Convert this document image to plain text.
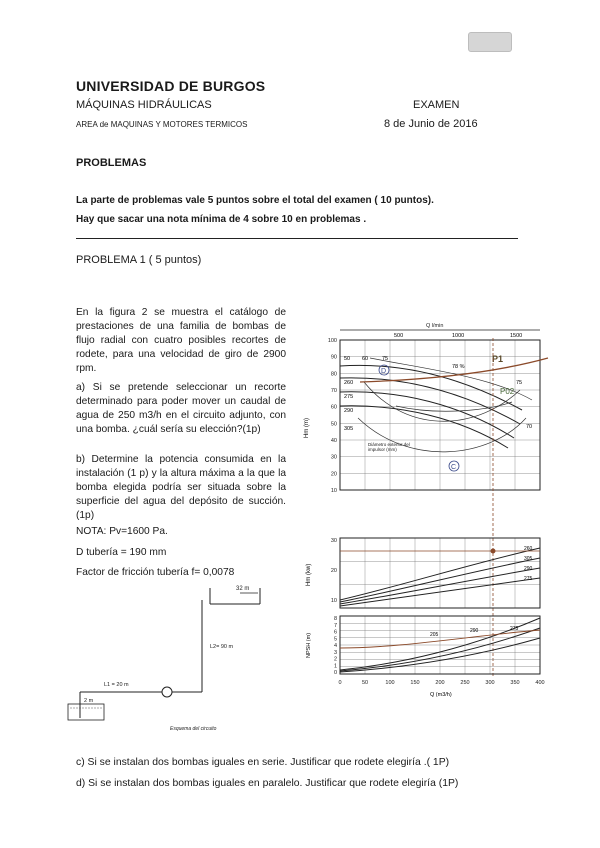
UNIVERSIDAD DE BURGOS
MÁQUINAS HIDRÁULICAS	EXAMEN
AREA de MAQUINAS Y MOTORES TERMICOS	8 de Junio de 2016
PROBLEMAS
La parte de problemas vale 5 puntos sobre el total del examen ( 10 puntos).
Hay que sacar una nota mínima de 4 sobre 10 en problemas .
PROBLEMA 1 ( 5 puntos)
En la figura 2 se muestra el catálogo de prestaciones de una familia de bombas de flujo radial con cuatro posibles recortes de rodete, para una velocidad de giro de 2900 rpm.
a) Si se pretende seleccionar un recorte determinado para poder mover un caudal de agua de 250 m3/h en el circuito adjunto, con una bomba. ¿cuál sería su elección?(1p)
b) Determine la potencia consumida en la instalación (1 p) y la altura máxima a la que la bomba elegida podría ser situada sobre la superficie del agua del depósito de succión. (1p)
NOTA: Pv=1600 Pa.
D tubería = 190 mm
Factor de fricción tubería f= 0,0078
32 m
L2= 90 m
L1 = 20 m
2 m
Esquema del circuito
Q l/min
500	1000	1500
100
90
80
70
60
50
40
30
20
10
Hm (m)
50 60	75
78 %
75
70
260
275
290
305
Diámetro exterior del impulsor (mm)
P1
P02
D
C
30
20
10
Hm (kw)
260
305
290
275
8
7
6
5
4
3
2
1
0
NPSH (m)	205
290	275
0	50	100	150	200	250	300	350	400
Q (m3/h)
c) Si se instalan dos bombas iguales en serie. Justificar que rodete elegiría .( 1P)
d) Si se instalan dos bombas iguales en paralelo. Justificar que rodete elegiría (1P)
